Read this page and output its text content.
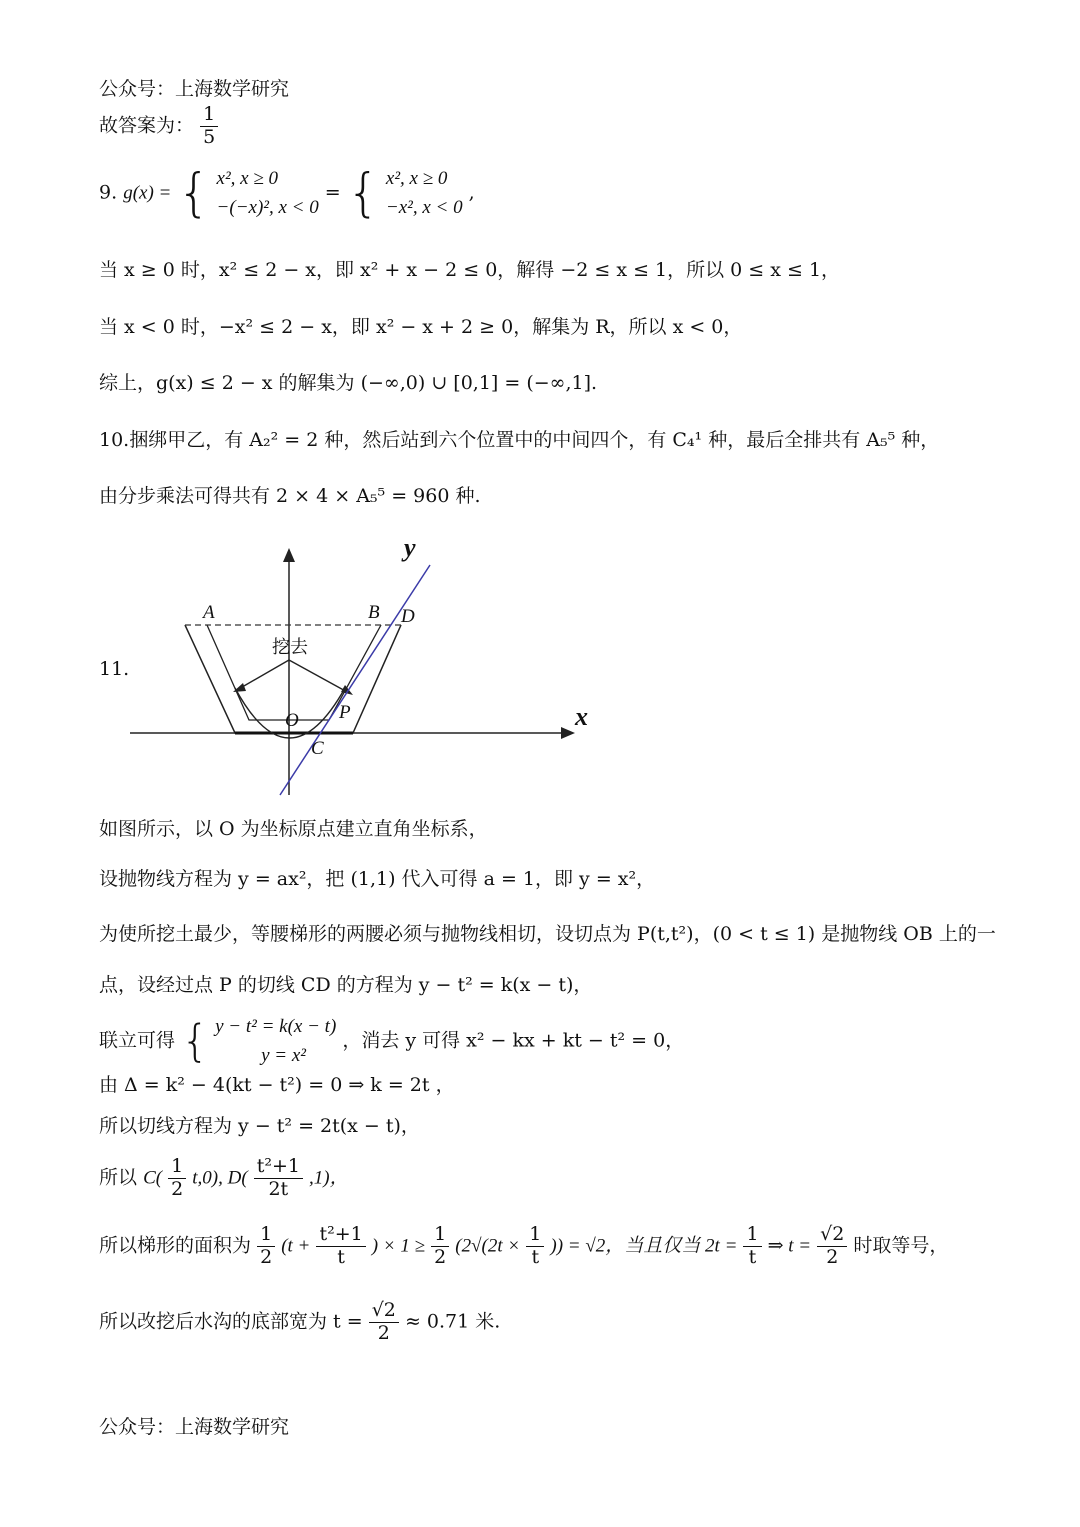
公众号：上海数学研究
故答案为： $\frac{1}{5}$
9. g(x) = { x², x ≥ 0
−(−x)², x < 0
= { x², x ≥ 0
−x², x < 0
,
当 x ≥ 0 时，x² ≤ 2 − x，即 x² + x − 2 ≤ 0，解得 −2 ≤ x ≤ 1，所以 0 ≤ x ≤ 1，
当 x < 0 时，−x² ≤ 2 − x，即 x² − x + 2 ≥ 0，解集为 R，所以 x < 0，
综上，g(x) ≤ 2 − x 的解集为 (−∞,0) ∪ [0,1] = (−∞,1].
10.捆绑甲乙，有 A₂² = 2 种，然后站到六个位置中的中间四个，有 C₄¹ 种，最后全排共有 A₅⁵ 种，
由分步乘法可得共有 2 × 4 × A₅⁵ = 960 种.
11.
y
x
A	B D
O P
C
挖去
如图所示，以 O 为坐标原点建立直角坐标系，
设抛物线方程为 y = ax²，把 (1,1) 代入可得 a = 1，即 y = x²，
为使所挖土最少，等腰梯形的两腰必须与抛物线相切，设切点为 P(t,t²)，(0 < t ≤ 1) 是抛物线 OB 上的一
点，设经过点 P 的切线 CD 的方程为 y − t² = k(x − t)，
联立可得 { y − t² = k(x − t)
y = x²
，消去 y 可得 x² − kx + kt − t² = 0，
由 Δ = k² − 4(kt − t²) = 0 ⇒ k = 2t ，
所以切线方程为 y − t² = 2t(x − t)，
所以 $C( \frac{1}{2} t,0)$, $D( \frac{\text{t²+1}}{2t} ,1)$，
所以梯形的面积为 $\frac{1}{2} (t + \frac{\text{t²+1}}{t}$ ) × $1 \ge \frac{1}{2} (2√(2t \times \frac{1}{t}$ )) = √2，当且仅当 $2t = \frac{1}{t}$ ⇒ $t = \frac{√2}{2}$ 时取等号，
所以改挖后水沟的底部宽为 $t = \frac{√2}{2} \approx 0.71$ 米.
公众号：上海数学研究
